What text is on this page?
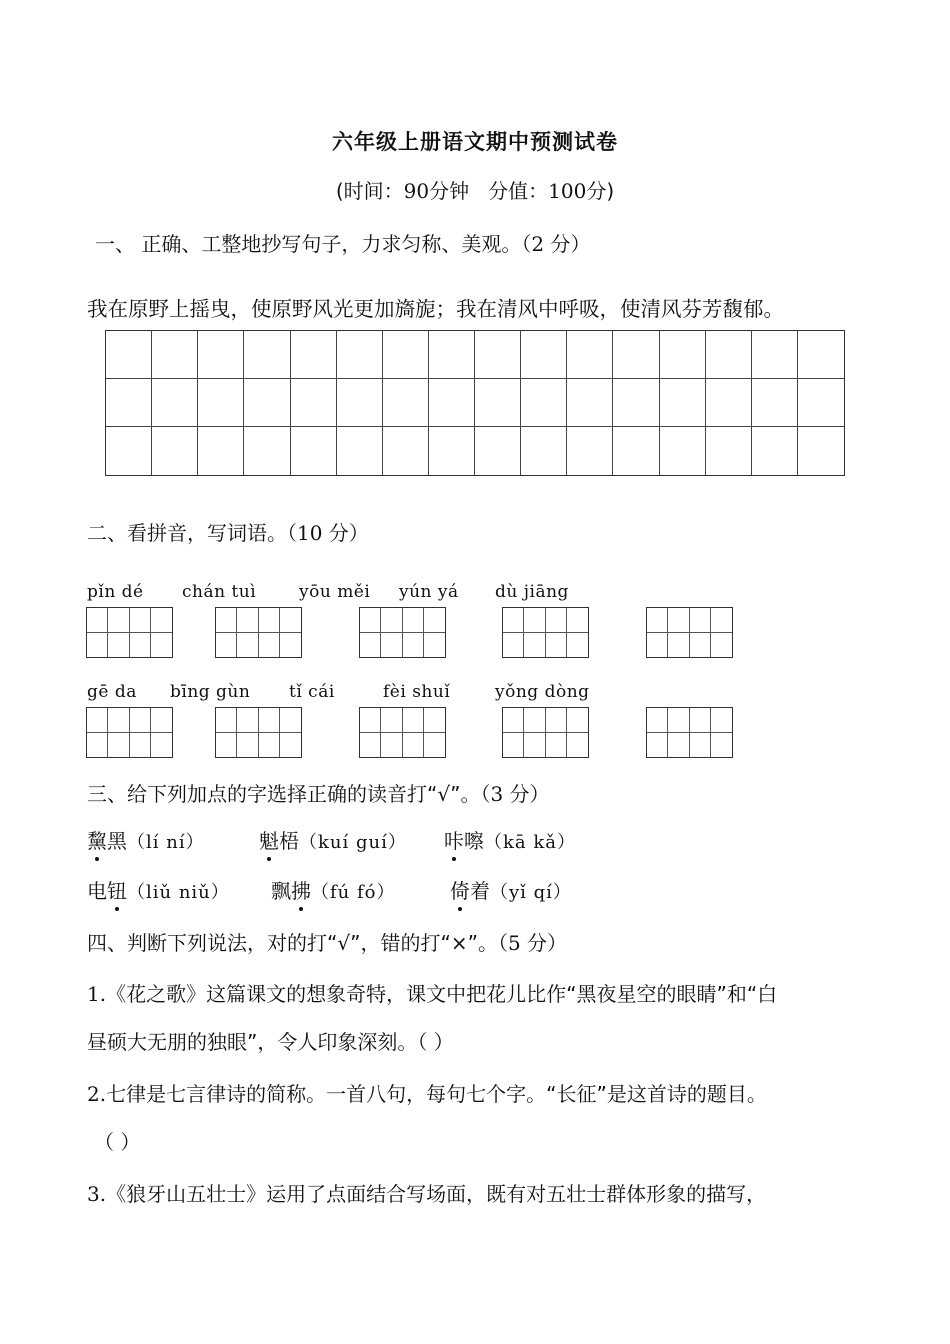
六年级上册语文期中预测试卷
(时间：90分钟 分值：100分)
一、 正确、工整地抄写句子，力求匀称、美观。（2 分）
我在原野上摇曳，使原野风光更加旖旎；我在清风中呼吸，使清风芬芳馥郁。
二、看拼音，写词语。（10 分）
pǐn dé chán tuì	yōu měi yún yá dù jiāng
gē da bīng gùn tǐ cái	fèi shuǐ	yǒng dòng
三、给下列加点的字选择正确的读音打“√”。（3 分）
黧黑（lí ní）	魁梧（kuí guí） 咔嚓（kā kǎ）
电钮（liǔ niǔ） 飘拂（fú fó）	倚着（yǐ qí）
四、判断下列说法，对的打“√”，错的打“×”。（5 分）
1.《花之歌》这篇课文的想象奇特，课文中把花儿比作“黑夜星空的眼睛”和“白
昼硕大无朋的独眼”，令人印象深刻。（ ）
2.七律是七言律诗的简称。一首八句，每句七个字。“长征”是这首诗的题目。
（ ）
3.《狼牙山五壮士》运用了点面结合写场面，既有对五壮士群体形象的描写，
